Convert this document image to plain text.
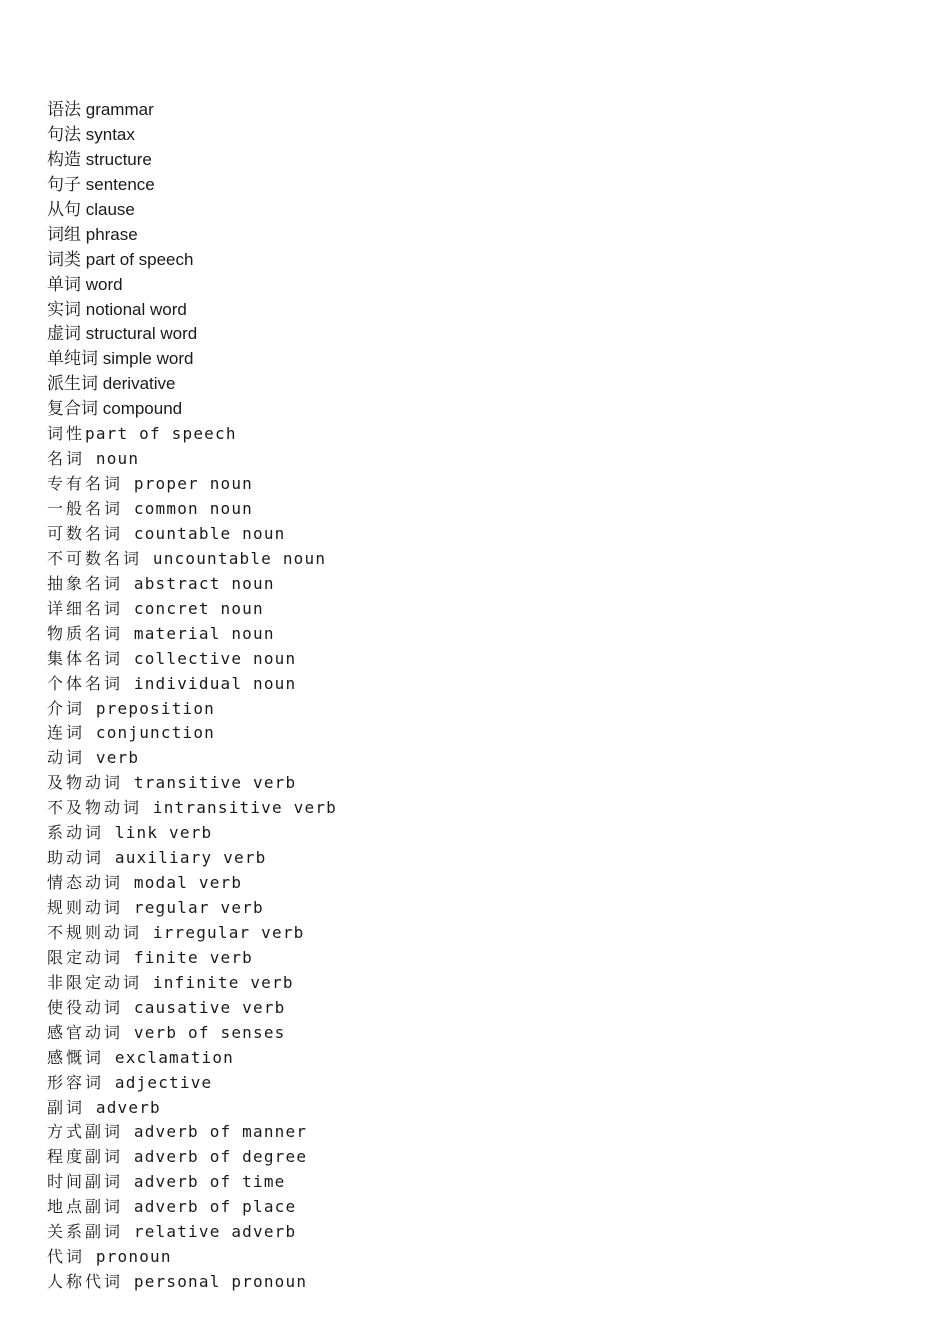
语法 grammar
句法 syntax
构造 structure
句子 sentence
从句 clause
词组 phrase
词类 part of speech
单词 word
实词 notional word
虚词 structural word
单纯词 simple word
派生词 derivative
复合词 compound
词性part of speech
名词 noun
专有名词 proper noun
一般名词 common noun
可数名词 countable noun
不可数名词 uncountable noun
抽象名词 abstract noun
详细名词 concret noun
物质名词 material noun
集体名词 collective noun
个体名词 individual noun
介词 preposition
连词 conjunction
动词 verb
及物动词 transitive verb
不及物动词 intransitive verb
系动词 link verb
助动词 auxiliary verb
情态动词 modal verb
规则动词 regular verb
不规则动词 irregular verb
限定动词 finite verb
非限定动词 infinite verb
使役动词 causative verb
感官动词 verb of senses
感慨词 exclamation
形容词 adjective
副词 adverb
方式副词 adverb of manner
程度副词 adverb of degree
时间副词 adverb of time
地点副词 adverb of place
关系副词 relative adverb
代词 pronoun
人称代词 personal pronoun
